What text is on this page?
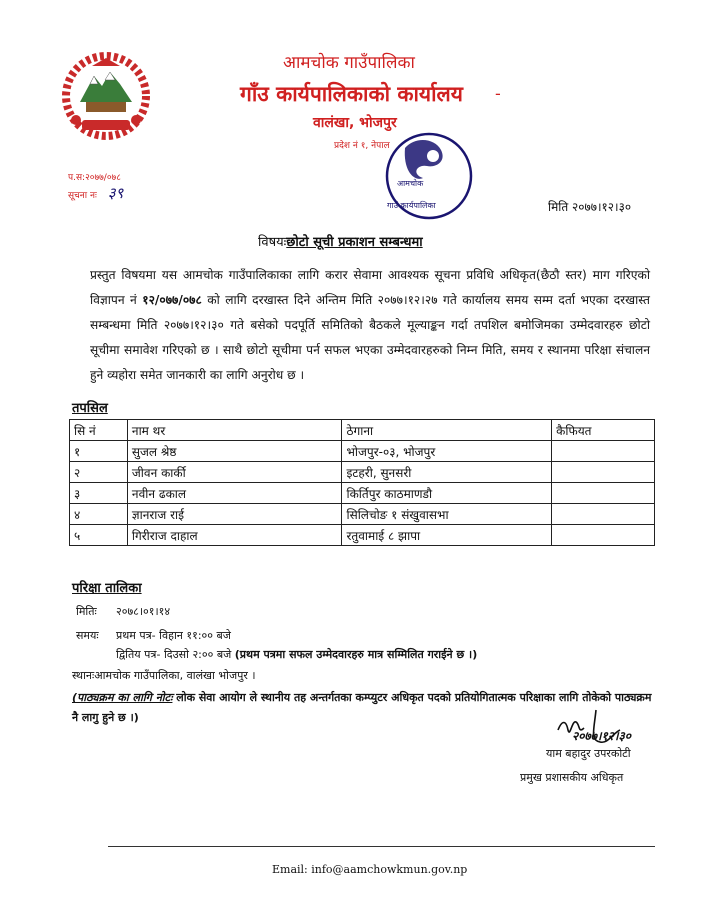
आमचोक गाउँपालिका
गाँउ कार्यपालिकाको कार्यालय -
वालंखा, भोजपुर
प्रदेश नं १, नेपाल
आमचोक
गाउँ कार्यपालिका
प.स:२०७७/०७८
सूचना नः ३९
मिति २०७७।१२।३०
विषयःछोटो सूची प्रकाशन सम्बन्धमा
प्रस्तुत विषयमा यस आमचोक गाउँपालिकाका लागि करार सेवामा आवश्यक सूचना प्रविधि अधिकृत(छैठौ स्तर) माग गरिएको विज्ञापन नं १२/०७७/०७८ को लागि दरखास्त दिने अन्तिम मिति २०७७।१२।२७ गते कार्यालय समय सम्म दर्ता भएका दरखास्त सम्बन्धमा मिति २०७७।१२।३० गते बसेको पदपूर्ति समितिको बैठकले मूल्याङ्कन गर्दा तपशिल बमोजिमका उम्मेदवारहरु छोटो सूचीमा समावेश गरिएको छ । साथै छोटो सूचीमा पर्न सफल भएका उम्मेदवारहरुको निम्न मिति, समय र स्थानमा परिक्षा संचालन हुने व्यहोरा समेत जानकारी का लागि अनुरोध छ ।
तपसिल
सि नं	नाम थर	ठेगाना	कैफियत
१	सुजल श्रेष्ठ	भोजपुर-०३, भोजपुर	
२	जीवन कार्की	इटहरी, सुनसरी	
३	नवीन ढकाल	किर्तिपुर काठमाणडौ	
४	ज्ञानराज राई	सिलिचोङ १ संखुवासभा	
५	गिरीराज दाहाल	रतुवामाई ८ झापा	
परिक्षा तालिका
मितिः २०७८।०१।१४
समयः प्रथम पत्र- विहान ११:०० बजे
द्वितिय पत्र- दिउसो २:०० बजे (प्रथम पत्रमा सफल उम्मेदवारहरु मात्र सम्मिलित गराईने छ ।)
स्थानःआमचोक गाउँपालिका, वालंखा भोजपुर ।
(पाठ्यक्रम का लागि नोटः लोक सेवा आयोग ले स्थानीय तह अन्तर्गतका कम्प्युटर अधिकृत पदको प्रतियोगितात्मक परिक्षाका लागि तोकेको पाठ्यक्रम नै लागु हुने छ ।)
२०७७।१२।३०
याम बहादुर उपरकोटी
प्रमुख प्रशासकीय अधिकृत
Email: info@aamchowkmun.gov.np
